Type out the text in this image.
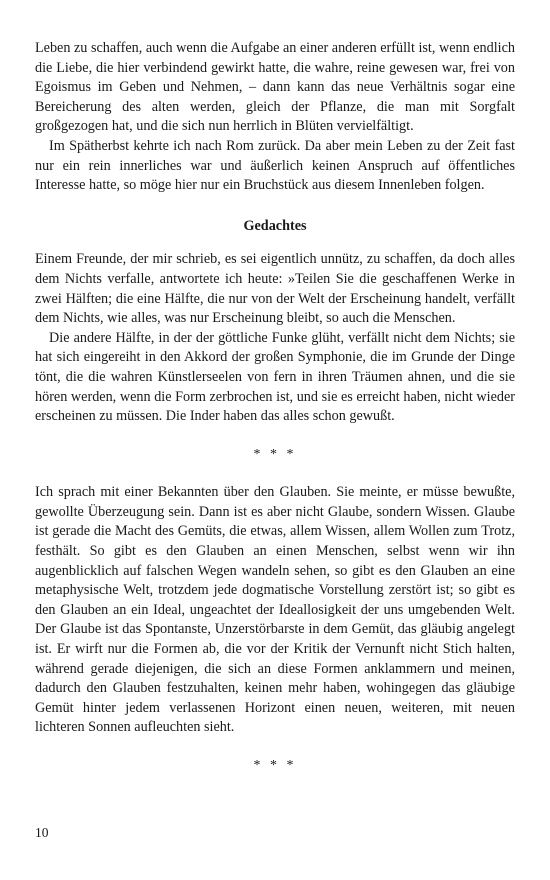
Leben zu schaffen, auch wenn die Aufgabe an einer anderen erfüllt ist, wenn endlich die Liebe, die hier verbindend gewirkt hatte, die wahre, reine gewesen war, frei von Egoismus im Geben und Nehmen, – dann kann das neue Verhältnis sogar eine Bereicherung des alten werden, gleich der Pflanze, die man mit Sorgfalt großgezogen hat, und die sich nun herrlich in Blüten vervielfältigt.

Im Spätherbst kehrte ich nach Rom zurück. Da aber mein Leben zu der Zeit fast nur ein rein innerliches war und äußerlich keinen Anspruch auf öffentliches Interesse hatte, so möge hier nur ein Bruchstück aus diesem Innenleben folgen.

Gedachtes

Einem Freunde, der mir schrieb, es sei eigentlich unnütz, zu schaffen, da doch alles dem Nichts verfalle, antwortete ich heute: »Teilen Sie die geschaffenen Werke in zwei Hälften; die eine Hälfte, die nur von der Welt der Erscheinung handelt, verfällt dem Nichts, wie alles, was nur Erscheinung bleibt, so auch die Menschen.

Die andere Hälfte, in der der göttliche Funke glüht, verfällt nicht dem Nichts; sie hat sich eingereiht in den Akkord der großen Symphonie, die im Grunde der Dinge tönt, die die wahren Künstlerseelen von fern in ihren Träumen ahnen, und die sie hören werden, wenn die Form zerbrochen ist, und sie es erreicht haben, nicht wieder erscheinen zu müssen. Die Inder haben das alles schon gewußt.

* * *

Ich sprach mit einer Bekannten über den Glauben. Sie meinte, er müsse bewußte, gewollte Überzeugung sein. Dann ist es aber nicht Glaube, sondern Wissen. Glaube ist gerade die Macht des Gemüts, die etwas, allem Wissen, allem Wollen zum Trotz, festhält. So gibt es den Glauben an einen Menschen, selbst wenn wir ihn augenblicklich auf falschen Wegen wandeln sehen, so gibt es den Glauben an eine metaphysische Welt, trotzdem jede dogmatische Vorstellung zerstört ist; so gibt es den Glauben an ein Ideal, ungeachtet der Ideallosigkeit der uns umgebenden Welt. Der Glaube ist das Spontanste, Unzerstörbarste in dem Gemüt, das gläubig angelegt ist. Er wirft nur die Formen ab, die vor der Kritik der Vernunft nicht Stich halten, während gerade diejenigen, die sich an diese Formen anklammern und meinen, dadurch den Glauben festzuhalten, keinen mehr haben, wohingegen das gläubige Gemüt hinter jedem verlassenen Horizont einen neuen, weiteren, mit neuen lichteren Sonnen aufleuchten sieht.

* * *

10
